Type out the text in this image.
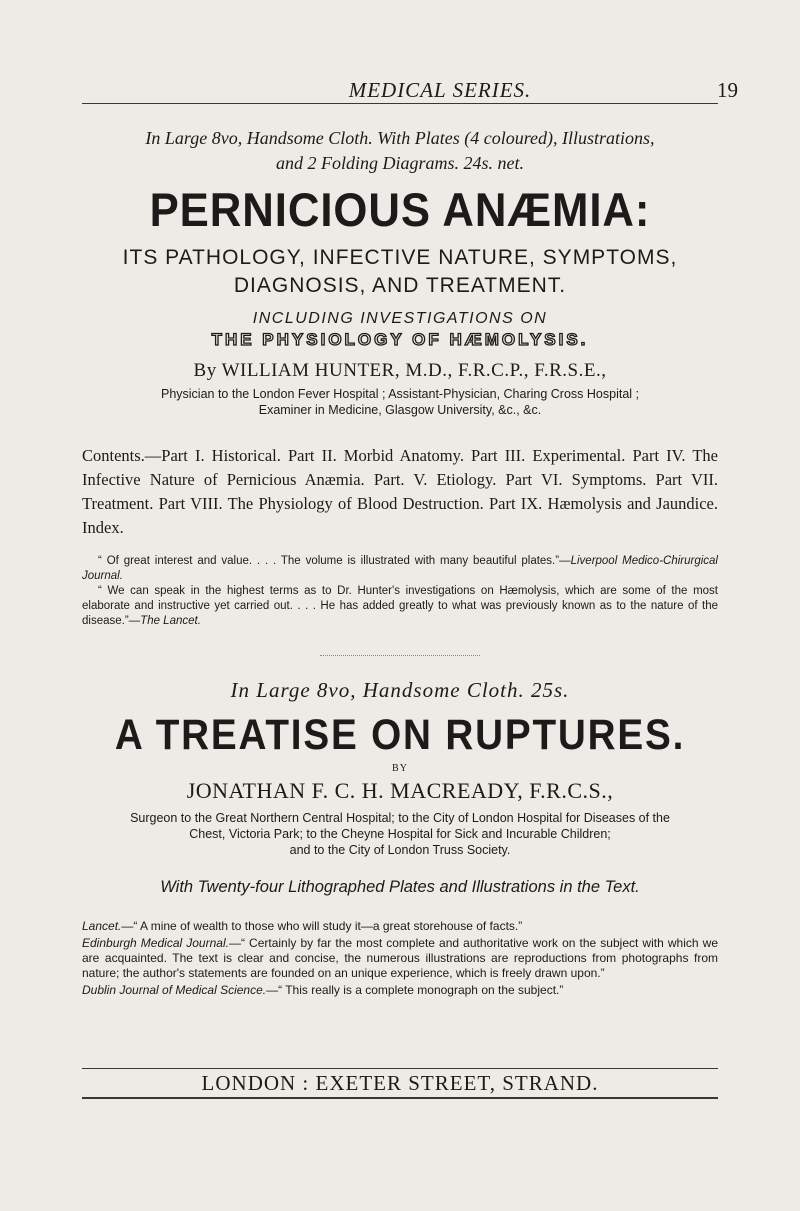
MEDICAL SERIES.	19

In Large 8vo, Handsome Cloth. With Plates (4 coloured), Illustrations,
and 2 Folding Diagrams. 24s. net.

PERNICIOUS ANÆMIA:

ITS PATHOLOGY, INFECTIVE NATURE, SYMPTOMS,
DIAGNOSIS, AND TREATMENT.

INCLUDING INVESTIGATIONS ON

THE PHYSIOLOGY OF HÆMOLYSIS.

By WILLIAM HUNTER, M.D., F.R.C.P., F.R.S.E.,

Physician to the London Fever Hospital ; Assistant-Physician, Charing Cross Hospital ;
Examiner in Medicine, Glasgow University, &c., &c.

Contents.—Part I. Historical. Part II. Morbid Anatomy. Part III. Experimental. Part IV. The Infective Nature of Pernicious Anæmia. Part. V. Etiology. Part VI. Symptoms. Part VII. Treatment. Part VIII. The Physiology of Blood Destruction. Part IX. Hæmolysis and Jaundice. Index.

“ Of great interest and value. . . . The volume is illustrated with many beautiful plates.”—Liverpool Medico-Chirurgical Journal.

“ We can speak in the highest terms as to Dr. Hunter's investigations on Hæmolysis, which are some of the most elaborate and instructive yet carried out. . . . He has added greatly to what was previously known as to the nature of the disease.”—The Lancet.

In Large 8vo, Handsome Cloth. 25s.

A TREATISE ON RUPTURES.

BY

JONATHAN F. C. H. MACREADY, F.R.C.S.,

Surgeon to the Great Northern Central Hospital; to the City of London Hospital for Diseases of the
Chest, Victoria Park; to the Cheyne Hospital for Sick and Incurable Children;
and to the City of London Truss Society.

With Twenty-four Lithographed Plates and Illustrations in the Text.

Lancet.—“ A mine of wealth to those who will study it—a great storehouse of facts.”

Edinburgh Medical Journal.—“ Certainly by far the most complete and authoritative work on the subject with which we are acquainted. The text is clear and concise, the numerous illustrations are reproductions from photographs from nature; the author's statements are founded on an unique experience, which is freely drawn upon.”

Dublin Journal of Medical Science.—“ This really is a complete monograph on the subject.”

LONDON : EXETER STREET, STRAND.
